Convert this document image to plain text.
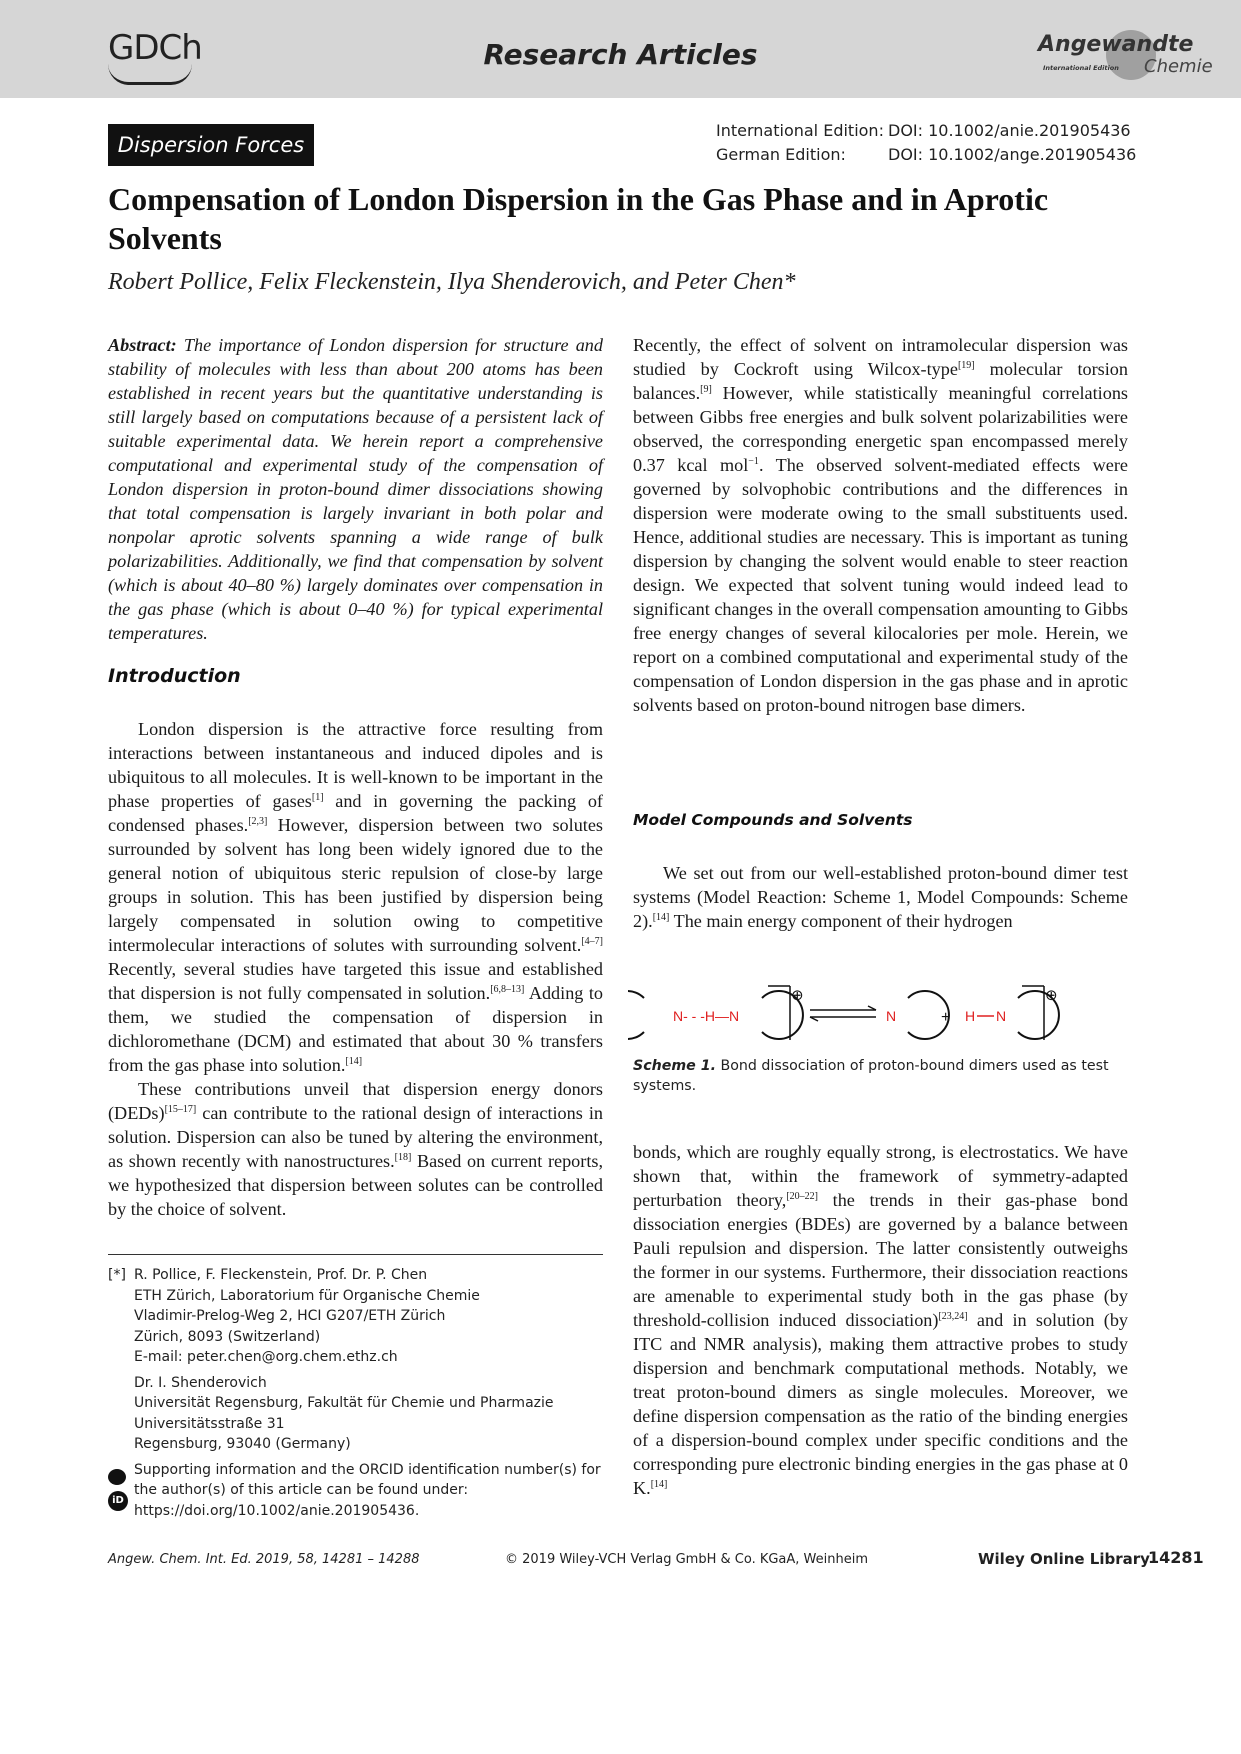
GDCh	Research Articles	Angewandte
International Edition Chemie
Dispersion Forces
International Edition: DOI: 10.1002/anie.201905436
German Edition:	DOI: 10.1002/ange.201905436
Compensation of London Dispersion in the Gas Phase and in Aprotic Solvents
Robert Pollice, Felix Fleckenstein, Ilya Shenderovich, and Peter Chen*

Abstract: The importance of London dispersion for structure and stability of molecules with less than about 200 atoms has been established in recent years but the quantitative understanding is still largely based on computations because of a persistent lack of suitable experimental data. We herein report a comprehensive computational and experimental study of the compensation of London dispersion in proton-bound dimer dissociations showing that total compensation is largely invariant in both polar and nonpolar aprotic solvents spanning a wide range of bulk polarizabilities. Additionally, we find that compensation by solvent (which is about 40–80 %) largely dominates over compensation in the gas phase (which is about 0–40 %) for typical experimental temperatures.

Introduction

London dispersion is the attractive force resulting from interactions between instantaneous and induced dipoles and is ubiquitous to all molecules. It is well-known to be important in the phase properties of gases[1] and in governing the packing of condensed phases.[2,3] However, dispersion between two solutes surrounded by solvent has long been widely ignored due to the general notion of ubiquitous steric repulsion of close-by large groups in solution. This has been justified by dispersion being largely compensated in solution owing to competitive intermolecular interactions of solutes with surrounding solvent.[4–7] Recently, several studies have targeted this issue and established that dispersion is not fully compensated in solution.[6,8–13] Adding to them, we studied the compensation of dispersion in dichloromethane (DCM) and estimated that about 30 % transfers from the gas phase into solution.[14]

These contributions unveil that dispersion energy donors (DEDs)[15–17] can contribute to the rational design of interactions in solution. Dispersion can also be tuned by altering the environment, as shown recently with nanostructures.[18] Based on current reports, we hypothesized that dispersion between solutes can be controlled by the choice of solvent.

[*] R. Pollice, F. Fleckenstein, Prof. Dr. P. Chen
ETH Zürich, Laboratorium für Organische Chemie
Vladimir-Prelog-Weg 2, HCI G207/ETH Zürich
Zürich, 8093 (Switzerland)
E-mail: peter.chen@org.chem.ethz.ch
Dr. I. Shenderovich
Universität Regensburg, Fakultät für Chemie und Pharmazie
Universitätsstraße 31
Regensburg, 93040 (Germany)
Supporting information and the ORCID identification number(s) for the author(s) of this article can be found under: https://doi.org/10.1002/anie.201905436.
iD

Recently, the effect of solvent on intramolecular dispersion was studied by Cockroft using Wilcox-type[19] molecular torsion balances.[9] However, while statistically meaningful correlations between Gibbs free energies and bulk solvent polarizabilities were observed, the corresponding energetic span encompassed merely 0.37 kcal mol$^{-1}$. The observed solvent-mediated effects were governed by solvophobic contributions and the differences in dispersion were moderate owing to the small substituents used. Hence, additional studies are necessary. This is important as tuning dispersion by changing the solvent would enable to steer reaction design. We expected that solvent tuning would indeed lead to significant changes in the overall compensation amounting to Gibbs free energy changes of several kilocalories per mole. Herein, we report on a combined computational and experimental study of the compensation of London dispersion in the gas phase and in aprotic solvents based on proton-bound nitrogen base dimers.

Model Compounds and Solvents

We set out from our well-established proton-bound dimer test systems (Model Reaction: Scheme 1, Model Compounds: Scheme 2).[14] The main energy component of their hydrogen

N- - -H—N
⊕
N	+ H N
⊕
Scheme 1. Bond dissociation of proton-bound dimers used as test systems.

bonds, which are roughly equally strong, is electrostatics. We have shown that, within the framework of symmetry-adapted perturbation theory,[20–22] the trends in their gas-phase bond dissociation energies (BDEs) are governed by a balance between Pauli repulsion and dispersion. The latter consistently outweighs the former in our systems. Furthermore, their dissociation reactions are amenable to experimental study both in the gas phase (by threshold-collision induced dissociation)[23,24] and in solution (by ITC and NMR analysis), making them attractive probes to study dispersion and benchmark computational methods. Notably, we treat proton-bound dimers as single molecules. Moreover, we define dispersion compensation as the ratio of the binding energies of a dispersion-bound complex under specific conditions and the corresponding pure electronic binding energies in the gas phase at 0 K.[14]

Angew. Chem. Int. Ed. 2019, 58, 14281 – 14288	© 2019 Wiley-VCH Verlag GmbH & Co. KGaA, Weinheim	Wiley Online Library
14281
